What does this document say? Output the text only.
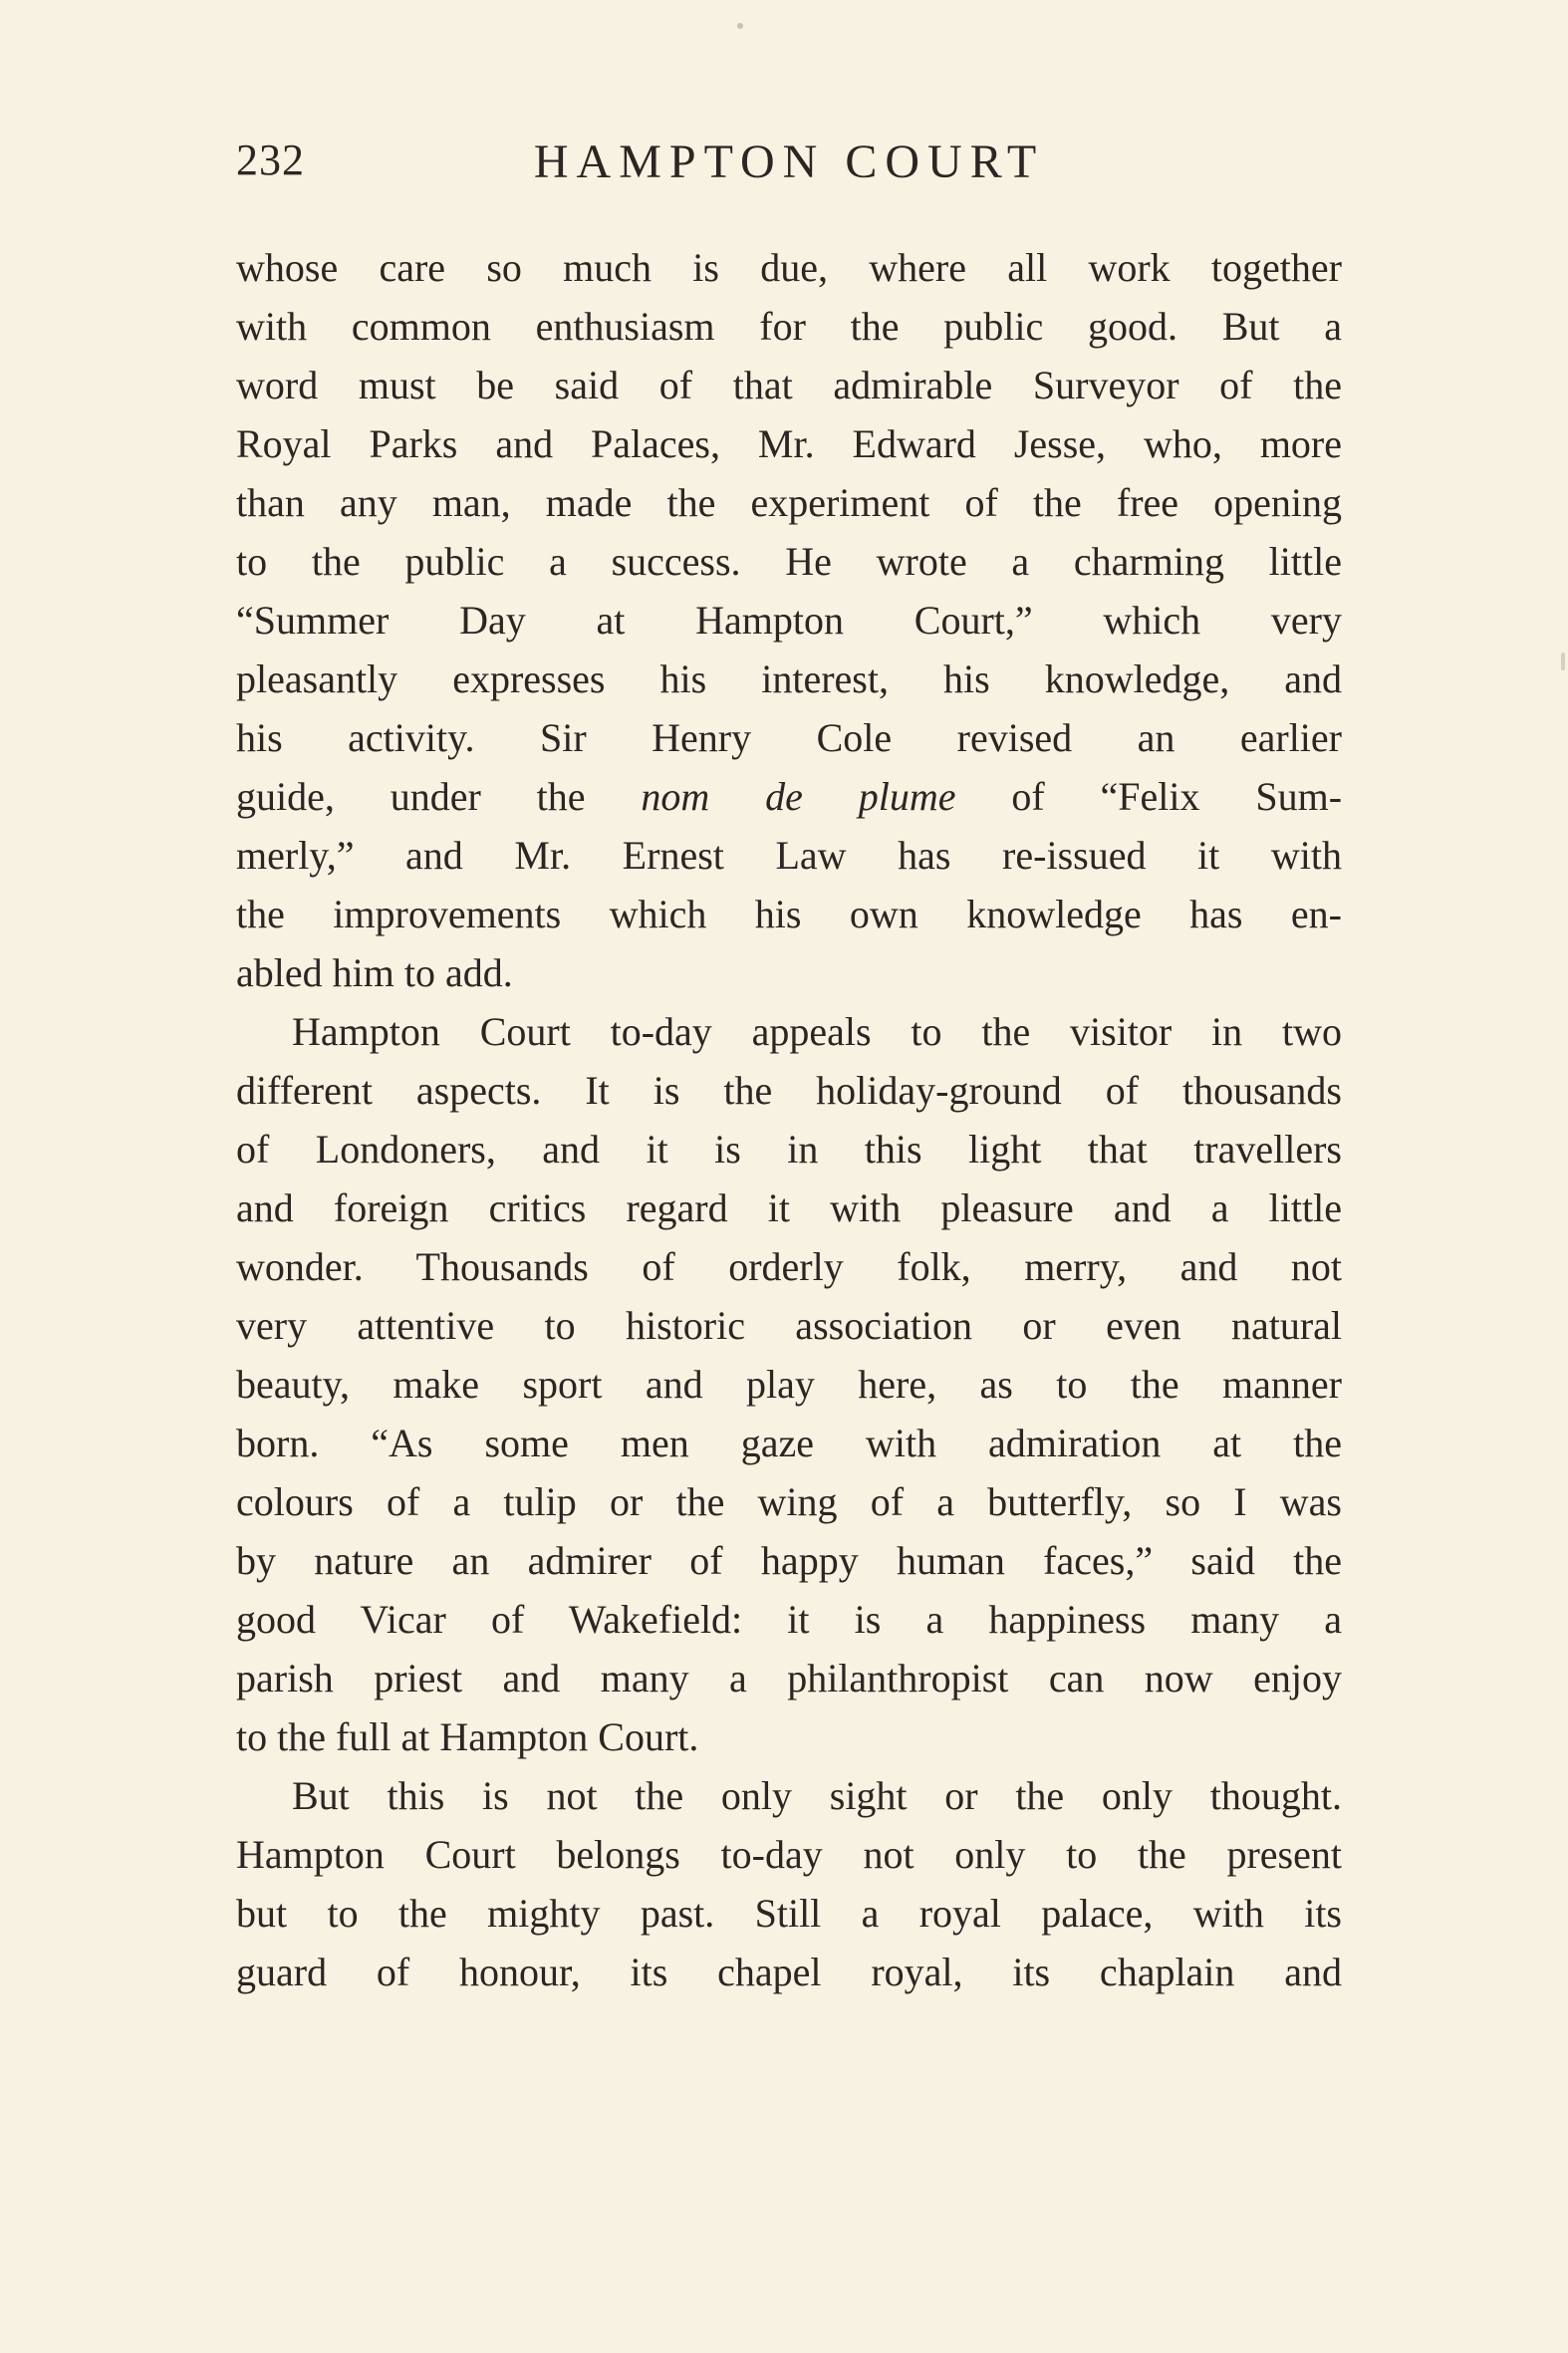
232	HAMPTON COURT
whose care so much is due, where all work together
with common enthusiasm for the public good. But a
word must be said of that admirable Surveyor of the
Royal Parks and Palaces, Mr. Edward Jesse, who, more
than any man, made the experiment of the free opening
to the public a success. He wrote a charming little
“Summer Day at Hampton Court,” which very
pleasantly expresses his interest, his knowledge, and
his activity. Sir Henry Cole revised an earlier
guide, under the nom de plume of “Felix Sum-
merly,” and Mr. Ernest Law has re-issued it with
the improvements which his own knowledge has en-
abled him to add.
Hampton Court to-day appeals to the visitor in two
different aspects. It is the holiday-ground of thousands
of Londoners, and it is in this light that travellers
and foreign critics regard it with pleasure and a little
wonder. Thousands of orderly folk, merry, and not
very attentive to historic association or even natural
beauty, make sport and play here, as to the manner
born. “As some men gaze with admiration at the
colours of a tulip or the wing of a butterfly, so I was
by nature an admirer of happy human faces,” said the
good Vicar of Wakefield: it is a happiness many a
parish priest and many a philanthropist can now enjoy
to the full at Hampton Court.
But this is not the only sight or the only thought.
Hampton Court belongs to-day not only to the present
but to the mighty past. Still a royal palace, with its
guard of honour, its chapel royal, its chaplain and
